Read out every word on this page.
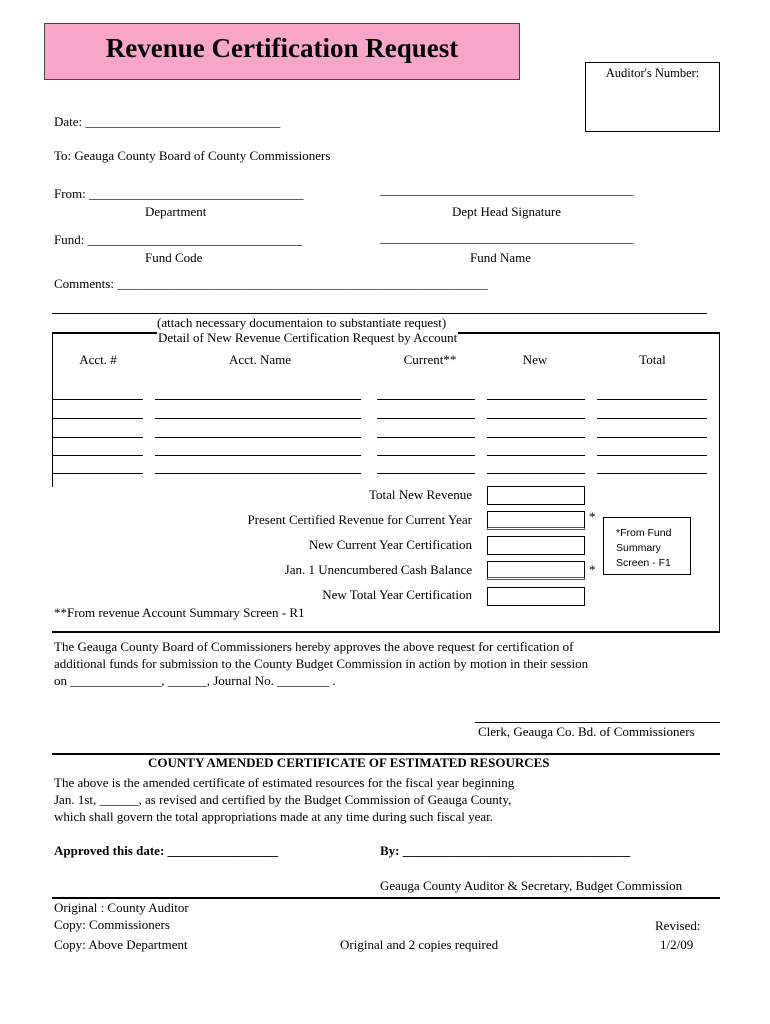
Revenue Certification Request
Auditor's Number:
Date: ______________________________
To: Geauga County Board of County Commissioners
From: _________________________________	_______________________________________
Department	Dept Head Signature
Fund: _________________________________	_______________________________________
Fund Code	Fund Name
Comments: _________________________________________________________
(attach necessary documentaion to substantiate request)
Detail of New Revenue Certification Request by Account
Acct. #	Acct. Name	Current**	New	Total
Total New Revenue
Present Certified Revenue for Current Year	*
New Current Year Certification
Jan. 1 Unencumbered Cash Balance	*
New Total Year Certification
*From Fund
Summary
Screen - F1
**From revenue Account Summary Screen - R1
The Geauga County Board of Commissioners hereby approves the above request for certification of
additional funds for submission to the County Budget Commission in action by motion in their session
on ______________, ______, Journal No. ________ .
Clerk, Geauga Co. Bd. of Commissioners
COUNTY AMENDED CERTIFICATE OF ESTIMATED RESOURCES
The above is the amended certificate of estimated resources for the fiscal year beginning
Jan. 1st, ______, as revised and certified by the Budget Commission of Geauga County,
which shall govern the total appropriations made at any time during such fiscal year.
Approved this date: _________________	By: ___________________________________
Geauga County Auditor & Secretary, Budget Commission
Original : County Auditor
Copy: Commissioners
Copy: Above Department	Original and 2 copies required
Revised:
1/2/09
